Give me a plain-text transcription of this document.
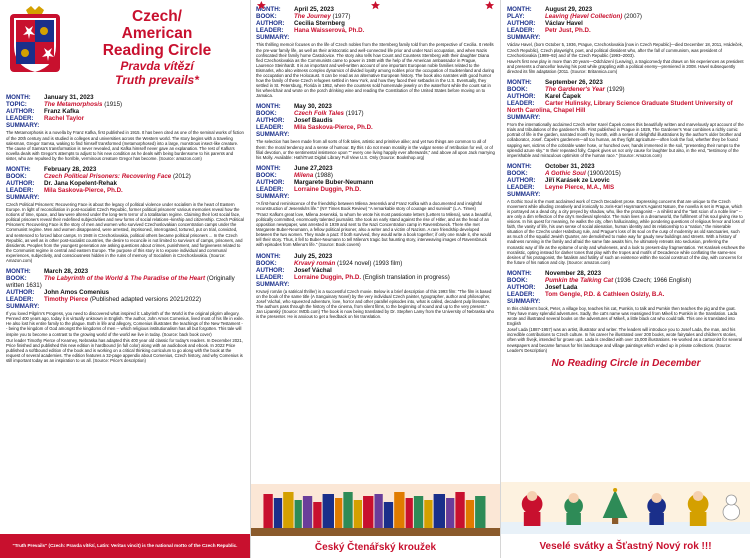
Czech/
American
Reading Circle
Pravda vítězí
Truth prevails*
MONTH: January 31, 2023
TOPIC:	The Metamorphosis (1915)
AUTHOR: Franz Kafka
LEADER: Rachel Taylor
SUMMARY:

The Metamorphosis is a novella by Franz Kafka, first published in 1915. It has been cited as one of the seminal works of fiction of the 20th century and is studied in colleges and universities across the Western world. The story begins with a traveling salesman, Gregor Samsa, waking to find himself transformed (metamorphosed) into a large, monstrous insect-like creature. The cause of Samsa's transformation is never revealed, and Kafka himself never gave an explanation. The rest of Kafka's novella deals with Gregor's attempts to adjust to his new condition as he deals with being burdensome to his parents and sister, who are repulsed by the horrible, verminous creature Gregor has become. (Source: amazon.com)

MONTH: February 28, 2023
BOOK:	Czech Political Prisoners: Recovering Face (2012)
AUTHOR: Dr. Jana Kopelent-Rehak
LEADER: Mila Saskova-Pierce, Ph.D.
SUMMARY:

Czech Political Prisoners: Recovering Face is about the legacy of political violence under socialism in the heart of Eastern Europe. In light of reconciliation in post-socialist Czech Republic, former political prisoners' various memories reveal how the notions of time, space, and law were altered under the long-term terror of a totalitarian regime. Claiming their lost social face, political prisoners reveal their redefined subjectivities and new forms of social relations--kinship and citizenship. Czech Political Prisoners: Recovering Face is the story of men and women who survived Czechoslovakian concentration camps under the Communist regime. Men and women disappeared, were arrested, imprisoned, interrogated, tortured, put on trial, convicted, and sentenced to forced labor camps. In 1948 in Czechoslovakia, political others became political prisoners ... In the Czech Republic, as well as in other post-socialist countries, the desire to reconcile is not limited to survivors of camps, prisoners, and dissidents. Peoples from the youngest generation are asking questions about crimes, punishment, and forgiveness related to the Communist regime in central and eastern Europe. The purpose of this story is to expose individual and communal experiences, subjectivity, and consciousness hidden in the ruins of memory of Socialism in Czechoslovakia. (Source: Amazon.com)

MONTH: March 28, 2023
BOOK:	The Labyrinth of the World & The Paradise of the Heart (Originally written 1631)
AUTHOR: John Amos Comenius
LEADER: Timothy Pierce (Published adapted versions 2021/2022)
SUMMARY:

If you loved Pilgrim's Progress, you need to discovered what inspired it: Labyrinth of the World is the original pilgrim allegory. Penned 400 years ago, today it is virtually unknown in English. The author, John Amos Comenius, lived most of his life in exile. He also lost his entire family to the plague. Both in life and allegory, Comenius illustrates the teachings of the New Testament -- being the kingdom of God amongst the kingdoms of men -- which religious institutionalism has all but forgotten. This tale will inspire you to become a contrast to the growing world of the world we live in today. (Source: back book cover)

Our leader Timothy Pierce of Kearney, Nebraska has adapted this 400 year old classic for today's readers. In December 2021, Price finished and published this new edition in hardbound (in full color) along with an audiobook and ebook. In 2022 Price published a softbound edition of the book and is working on a critical thinking curriculum to go along with the book at the request of several academies. The edition features a 32-page appendix about Comenius, Czech history, and why Comenius is still important today as an inspiration to us all. (Source: Price's description)

"Truth Prevails" (Czech: Pravda vítězí, Latin: Veritas vincit) is the national motto of the Czech Republic.
MONTH: April 25, 2023
BOOK:	The Journey (1977)
AUTHOR: Cecilia Sternberg
LEADER: Hana Waisserová, Ph.D.
SUMMARY:

This thrilling memoir focuses on the life of Czech nobles from the Sternberg family told from the perspective of Cecilia. It retells the pre-war family life, as well as their aristocratic and well-connected life prior and under Nazi occupation, and when Nazis confiscated their family home Častolovice. The story also tells how Count and Countess Sternberg with their daughter Diana fled Czechoslovakia as the Communists came to power in 1948 with the help of the American ambassador in Prague, Laurence Steinhardt. It is an important and well-written account of one important European noble families related to the Bismarks, who also witness complex dynamics of divided loyalty among nobles prior the occupation of Sudetenland and during the occupation and the Holocaust. It can be read as an alternative European history. The book also narrates with good humor how the family of these Czech refugees settled in New York, and how they faced their setbacks in the U.S. Eventually, they settled in St. Petersburg, Florida in 1952, where the countess sold homemade jewelry on the waterfront while the count sat in his wheelchair and wrote on the porch drinking wine and reading the Constitution of the United States before moving on to Jamaica.

MONTH: May 30, 2023
BOOK:	Czech Folk Tales (1917)
AUTHOR: Josef Baudis
LEADER: Mila Saskova-Pierce, Ph.D.
SUMMARY:

The selection has been made from all sorts of folk tales, artistic and primitive alike; and yet two things are common to all of them: the moral tendency and a sense of humour. By this I do not mean morality in the vulgar sense of retribution for evil, or of filial devotion, or the sentimental insistence upon "" every one living happily ever afterwards," and above all upon Jack marrying his Molly. Available: HathiTrust Digital Library Full View U.S. Only (Source: Bookshop.org)

MONTH: June 27,2023
BOOK:	Milena (1988)
AUTHOR: Margarete Buber-Neumann
LEADER: Lorraine Duggin, Ph.D.
SUMMARY:

"A first-hand reminiscence of the friendship between Milena Jesenská and Franz Kafka with a documented and insightful reconstruction of Jesenská's life." (NY Times Book Review) "A remarkable story of courage and survival" (L.A. Times)

"Franz Kafka's great love, Milena Jesenská, to whom he wrote his most passionate letters (Letters to Milena), was a beautiful, politically committed, enormously talented journalist. She took an early stand against the rise of Hitler, and as the head of an opposition newspaper, was arrested in 1939 and sent to the Nazi Concentration camp in Ravensbrueck. There she met Margarete Buber-Neumann, a fellow political prisoner, also a writer and a victim of Nazism. A rare friendship developed between the two women. They made a pact: If both survived, they would write a book together; if only one made it, she would tell their story. Thus, it fell to Buber-Neumann to tell Milena's tragic but haunting story, interweaving images of Ravensbruck with episodes from Milena's life." (Source: Book covers)

MONTH: July 25, 2023
BOOK:	Krvavý román (1924 novel) (1993 film)
AUTHOR: Josef Váchal
LEADER: Lorraine Duggin, Ph.D. (English translation in progress)
SUMMARY:

Krvavý román (a satirical thriller) is a successful Czech movie. Below is a brief description of this 1993 film: "The film is based on the book of the same title (A Sanguinary Novel) by the very individual Czech painter, typographer, author and philosopher, Josef Váchal, who squeezed adventure, love, horror and other parallel episodes into, what is called, decadent pulp literature. The authors pass through the history of the cinema, from silent films, to the beginning of sound and up to the very present." Jan Lipanský (Source: IMDb.com) The book is now being translated by Dr. Stephen Lamy from the University of Nebraska who is the presenter. He is anxious to get a feedback on his translation.

Český Čtenářský kroužek
MONTH: August 29, 2023
PLAY:	Leaving (Havel Collection) (2007)
AUTHOR: Václav Havel
LEADER: Petr Just, Ph.D.
SUMMARY:

Václav Havel, (born October 5, 1936, Prague, Czechoslovakia [now in Czech Republic]—died December 18, 2011, Hrádeček, Czech Republic), Czech playwright, poet, and political dissident who, after the fall of communism, was president of Czechoslovakia (1989–92) and of the Czech Republic (1993–2003).

Havel's first new play in more than 20 years—Odcházení (Leaving), a tragicomedy that draws on his experiences as president and presents a chancellor leaving his post while grappling with a political enemy—premiered in 2008. Havel subsequently directed its film adaptation (2011. (Source: Britannica.com)

MONTH: September 26, 2023
BOOK:	The Gardener's Year (1929)
AUTHOR: Karel Čapek
LEADER: Carter Hulinsky, Library Science Graduate Student University of North Carolina, Chapel Hill
SUMMARY:

From the internationally acclaimed Czech writer Karel Čapek comes this beautifully written and marvelously apt account of the trials and tribulations of the gardener's life. First published in Prague in 1929, The Gardener's Year combines a richly comic portrait of life in the garden, narrated month by month, with a series of delightful illustrations by the author's older brother and collaborator, Josef. Čapek's gardeners—all too human, as they fight agriculture—often look the fool, whether they be found sapping wet, victims of the cobrable water hose, or hunched over, hands immersed in the soil, "presenting their rumps to the splendid azure sky." In their repeated folly, Čapek gives us not only cause for laughter but also, in the end, "testimony of the imperishable and miraculous optimism of the human race." (Source: Amazon.com)

MONTH: October 31, 2023
BOOK:	A Gothic Soul (1900/2015)
AUTHOR: Jiří Karásek ze Lvovic
LEADER: Leyne Pierce, M.A., MIS
SUMMARY:

A Gothic Soul is the most acclaimed work of Czech Decadent prose. Expressing concerns that are unique to the Czech movement while alluding creatively and ironically to Joris-Karl Huysmans's Against Nature, the novella is set in Prague, which is portrayed as a dead city, a city preyed by shadow, who, like the protagonist -- a nihilist and the "last scion of a noble line" -- are only a dim reflection of the city's medieval splendor. The main lives in a dreamworld, the fulfilment of his soul giving rise to visions. In his quest for meaning, he walks the city, often hallucinating, while pondering questions of religious fervor and loss of faith, the vanity of life, his own sense of social alienation, human identity and its relationship to a "nation," the miserable situation of the Czechs under Habsburg rule, and Prague's loss of its soul on the cusp of modernity as old sanctuaries, such as much of the squalid Jewish Quarter, are demolished to make way for gaudy new buildings and streets. With a history of madness running in the family and afraid the same fate awaits him, he ultimately retreats into seclusion, preferring the monastic way of life as the epitome of unity and wholeness, and a look to present-day fragmentation. Yet Karásek eschews the moralistic, opting instead for darker tones that play with the tropes and motifs of Decadence while conflating the same-sex desires of his protagonist, the fatalism and futility of such an existence within the social construct of the day, with concerns for the future of his nation and city. (Source: amazon.com)

MONTH: November 28, 2023
BOOK:	Pumkin the Talking Cat (1936 Czech; 1966 English)
AUTHOR: Josef Lada
LEADER: Tom Gengle, P.D. & Cathleen Oslzly, B.A.
SUMMARY:

In this children's book, Peter, a village boy, teaches his cat, Pumkin, to talk and Pumkin then teaches the pig and the goat. They have many splendid adventures. Sadly, the cat's name was reassigned from Mikeš to Pumkin in the translation. Lada wrote and illustrated several books on the adventures of Mikeš, a little black cat who could talk. This one is translated into English

Josef Lada (1887-1957) was an artist, illustrator and writer. The leaders will introduce you to Josef Lada, the man, and his incredible contributions to Czech culture. In his career he illustrated over 200 books, wrote fairytales and children's stories, often with Švejk, intended for grown ups. Lada is credited with over 15,000 illustrations. He worked as a cartoonist for several newspapers and became famous for his landscape and village paintings which ended up in private collections. (Source: Leader's Description)

No Reading Circle in December
Veselé svátky a Šťastný Nový rok !!!
